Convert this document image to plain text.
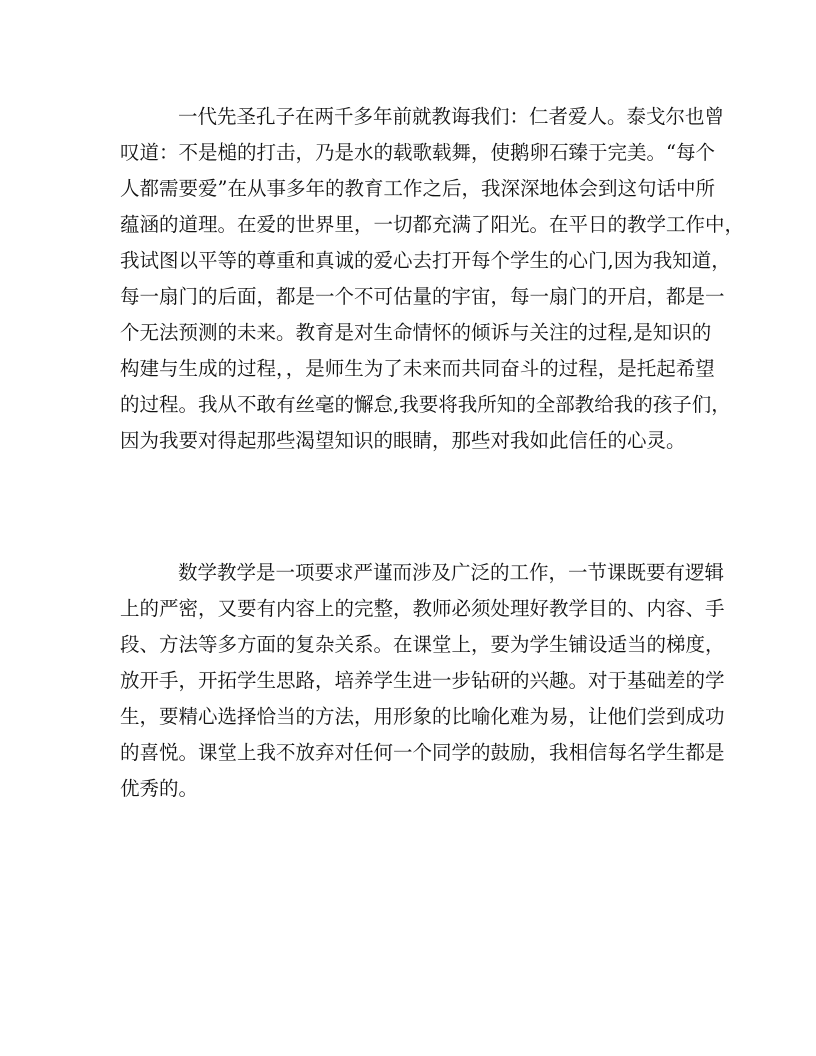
一代先圣孔子在两千多年前就教诲我们：仁者爱人。泰戈尔也曾
叹道：不是槌的打击，乃是水的载歌载舞，使鹅卵石臻于完美。“每个
人都需要爱”在从事多年的教育工作之后，我深深地体会到这句话中所
蕴涵的道理。在爱的世界里，一切都充满了阳光。在平日的教学工作中，
我试图以平等的尊重和真诚的爱心去打开每个学生的心门,因为我知道，
每一扇门的后面，都是一个不可估量的宇宙，每一扇门的开启，都是一
个无法预测的未来。教育是对生命情怀的倾诉与关注的过程,是知识的
构建与生成的过程，，是师生为了未来而共同奋斗的过程，是托起希望
的过程。我从不敢有丝毫的懈怠,我要将我所知的全部教给我的孩子们，
因为我要对得起那些渴望知识的眼睛，那些对我如此信任的心灵。
数学教学是一项要求严谨而涉及广泛的工作，一节课既要有逻辑
上的严密，又要有内容上的完整，教师必须处理好教学目的、内容、手
段、方法等多方面的复杂关系。在课堂上，要为学生铺设适当的梯度，
放开手，开拓学生思路，培养学生进一步钻研的兴趣。对于基础差的学
生，要精心选择恰当的方法，用形象的比喻化难为易，让他们尝到成功
的喜悦。课堂上我不放弃对任何一个同学的鼓励，我相信每名学生都是
优秀的。
